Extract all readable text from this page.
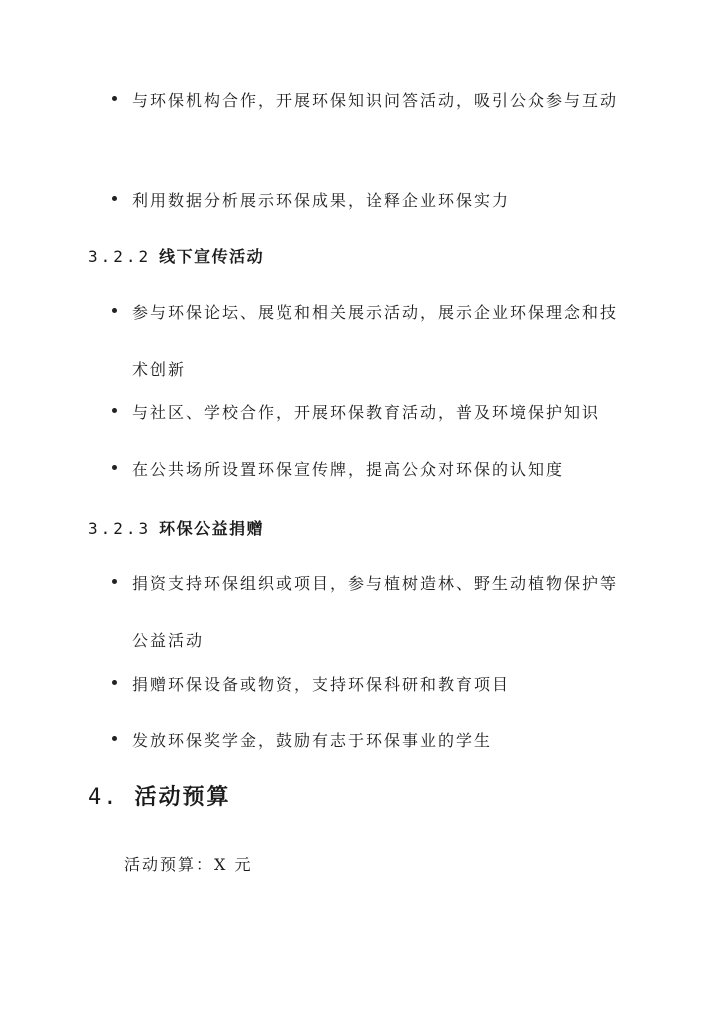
与环保机构合作，开展环保知识问答活动，吸引公众参与互动
利用数据分析展示环保成果，诠释企业环保实力
3.2.2 线下宣传活动
参与环保论坛、展览和相关展示活动，展示企业环保理念和技术创新
与社区、学校合作，开展环保教育活动，普及环境保护知识
在公共场所设置环保宣传牌，提高公众对环保的认知度
3.2.3 环保公益捐赠
捐资支持环保组织或项目，参与植树造林、野生动植物保护等公益活动
捐赠环保设备或物资，支持环保科研和教育项目
发放环保奖学金，鼓励有志于环保事业的学生
4. 活动预算
活动预算：X 元
